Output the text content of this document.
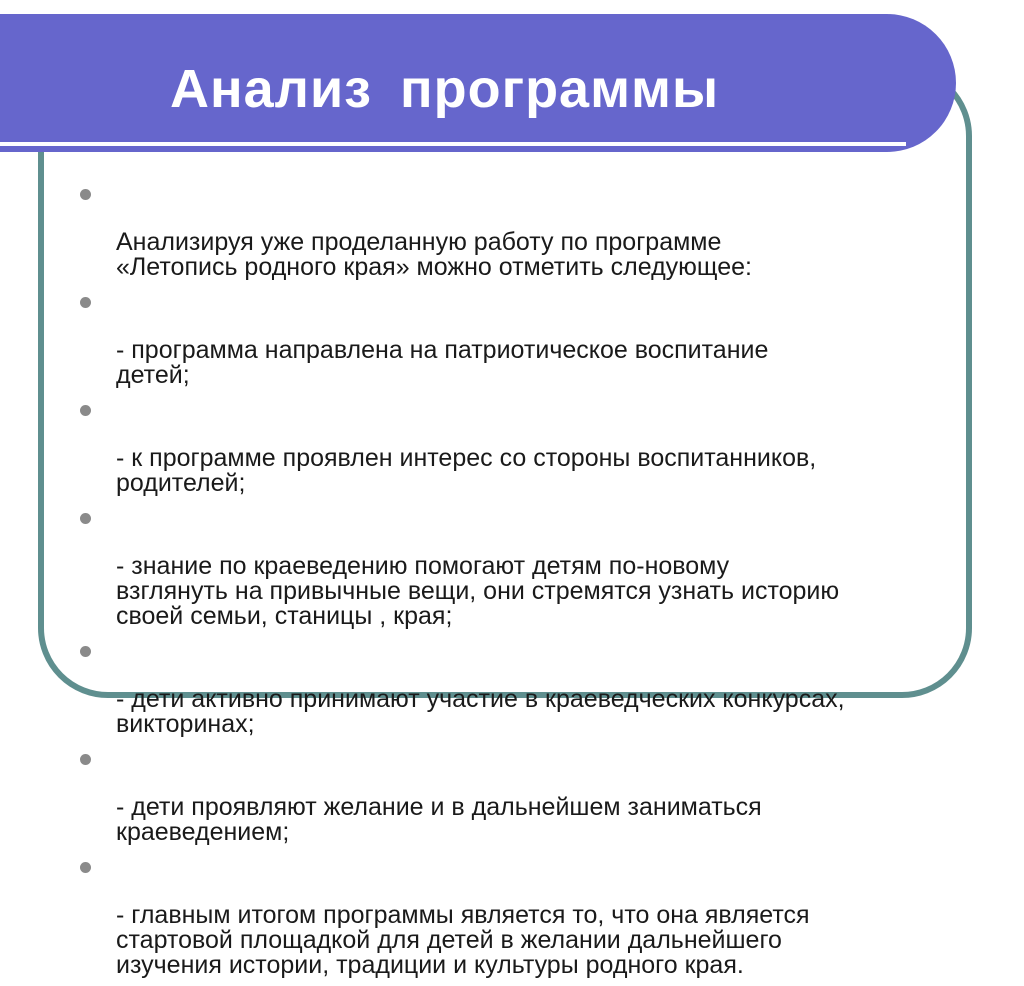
Анализ программы

Анализируя уже проделанную работу по программе
«Летопись родного края» можно отметить следующее:

- программа направлена на патриотическое воспитание
детей;

- к программе проявлен интерес со стороны воспитанников,
родителей;

- знание по краеведению помогают детям по-новому
взглянуть на привычные вещи, они стремятся узнать историю
своей семьи, станицы , края;

- дети активно принимают участие в краеведческих конкурсах,
викторинах;

- дети проявляют желание и в дальнейшем заниматься
краеведением;

- главным итогом программы является то, что она является
стартовой площадкой для детей в желании дальнейшего
изучения истории, традиции и культуры родного края.
